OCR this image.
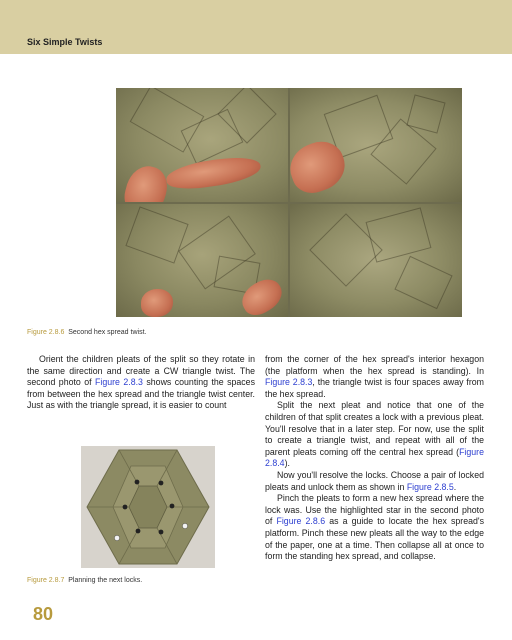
Six Simple Twists
Figure 2.8.6 Second hex spread twist.

Orient the children pleats of the split so they rotate in the same direction and create a CW triangle twist. The second photo of Figure 2.8.3 shows counting the spaces from between the hex spread and the triangle twist center. Just as with the triangle spread, it is easier to count

Figure 2.8.7 Planning the next locks.

from the corner of the hex spread's interior hexagon (the platform when the hex spread is standing). In Figure 2.8.3, the triangle twist is four spaces away from the hex spread.

Split the next pleat and notice that one of the children of that split creates a lock with a previous pleat. You'll resolve that in a later step. For now, use the split to create a triangle twist, and repeat with all of the parent pleats coming off the central hex spread (Figure 2.8.4).

Now you'll resolve the locks. Choose a pair of locked pleats and unlock them as shown in Figure 2.8.5.

Pinch the pleats to form a new hex spread where the lock was. Use the highlighted star in the second photo of Figure 2.8.6 as a guide to locate the hex spread's platform. Pinch these new pleats all the way to the edge of the paper, one at a time. Then collapse all at once to form the standing hex spread, and collapse.

80
